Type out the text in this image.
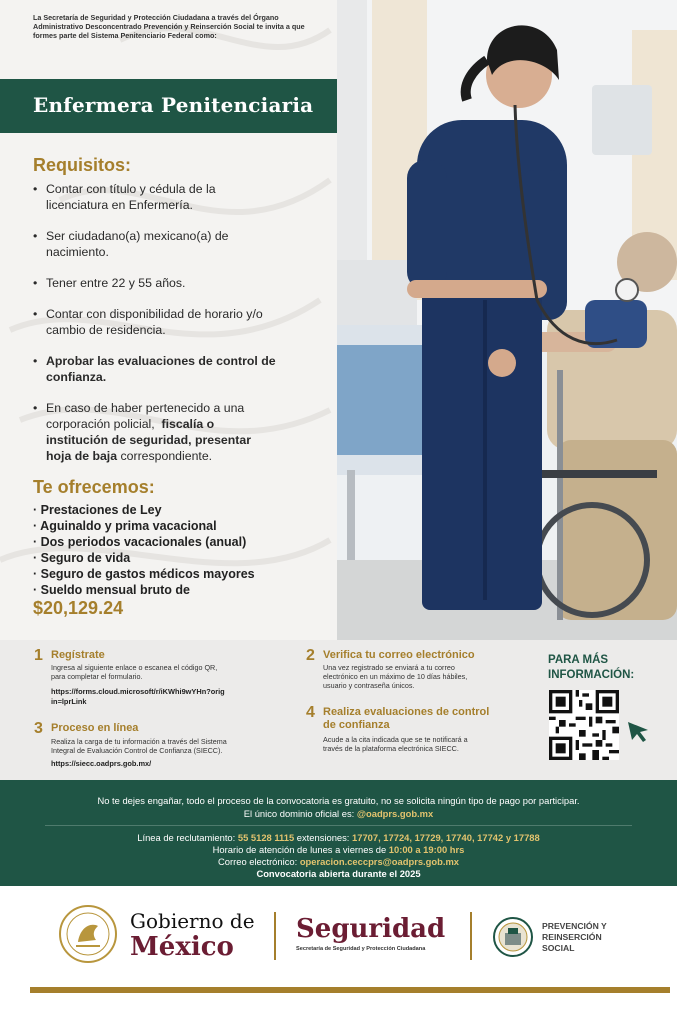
La Secretaría de Seguridad y Protección Ciudadana a través del Órgano Administrativo Desconcentrado Prevención y Reinserción Social te invita a que formes parte del Sistema Penitenciario Federal como:
Enfermera Penitenciaria
Requisitos:
• Contar con título y cédula de la
licenciatura en Enfermería.
• Ser ciudadano(a) mexicano(a) de
nacimiento.
• Tener entre 22 y 55 años.
• Contar con disponibilidad de horario y/o
cambio de residencia.
• Aprobar las evaluaciones de control de
confianza.
• En caso de haber pertenecido a una
corporación policial, fiscalía o
institución de seguridad, presentar
hoja de baja correspondiente.
Te ofrecemos:
· Prestaciones de Ley
· Aguinaldo y prima vacacional
· Dos periodos vacacionales (anual)
· Seguro de vida
· Seguro de gastos médicos mayores
· Sueldo mensual bruto de
$20,129.24
1 Regístrate
Ingresa al siguiente enlace o escanea el código QR,
para completar el formulario.
https://forms.cloud.microsoft/r/iKWhi9wYHn?orig
in=lprLink
2 Verifica tu correo electrónico
Una vez registrado se enviará a tu correo
electrónico en un máximo de 10 días hábiles,
usuario y contraseña únicos.
3 Proceso en línea
Realiza la carga de tu información a través del Sistema
Integral de Evaluación Control de Confianza (SIECC).
https://siecc.oadprs.gob.mx/
4 Realiza evaluaciones de control
de confianza
Acude a la cita indicada que se te notificará a
través de la plataforma electrónica SIECC.
PARA MÁS
INFORMACIÓN:
No te dejes engañar, todo el proceso de la convocatoria es gratuito, no se solicita ningún tipo de pago por participar.
El único dominio oficial es: @oadprs.gob.mx
Línea de reclutamiento: 55 5128 1115 extensiones: 17707, 17724, 17729, 17740, 17742 y 17788
Horario de atención de lunes a viernes de 10:00 a 19:00 hrs
Correo electrónico: operacion.ceccprs@oadprs.gob.mx
Convocatoria abierta durante el 2025
Gobierno de
México
Seguridad
Secretaría de Seguridad y Protección Ciudadana
PREVENCIÓN Y
REINSERCIÓN
SOCIAL
